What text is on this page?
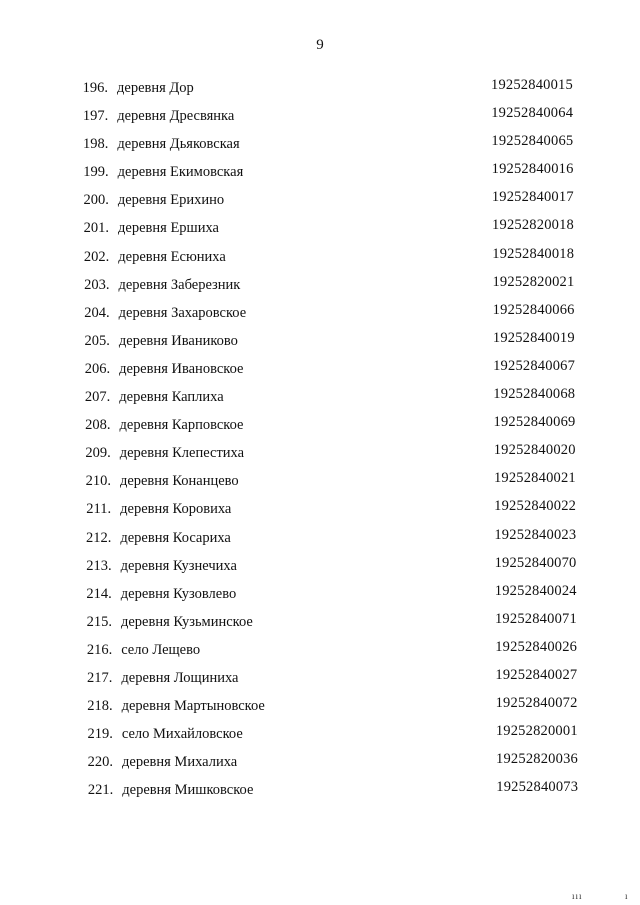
9
196. деревня Дор	19252840015
197. деревня Дресвянка	19252840064
198. деревня Дьяковская	19252840065
199. деревня Екимовская	19252840016
200. деревня Ерихино	19252840017
201. деревня Ершиха	19252820018
202. деревня Есюниха	19252840018
203. деревня Заберезник	19252820021
204. деревня Захаровское	19252840066
205. деревня Иваниково	19252840019
206. деревня Ивановское	19252840067
207. деревня Каплиха	19252840068
208. деревня Карповское	19252840069
209. деревня Клепестиха	19252840020
210. деревня Конанцево	19252840021
211. деревня Коровиха	19252840022
212. деревня Косариха	19252840023
213. деревня Кузнечиха	19252840070
214. деревня Кузовлево	19252840024
215. деревня Кузьминское	19252840071
216. село Лещево	19252840026
217. деревня Лощиниха	19252840027
218. деревня Мартыновское	19252840072
219. село Михайловское	19252820001
220. деревня Михалиха	19252820036
221. деревня Мишковское	19252840073
ııı	ı
